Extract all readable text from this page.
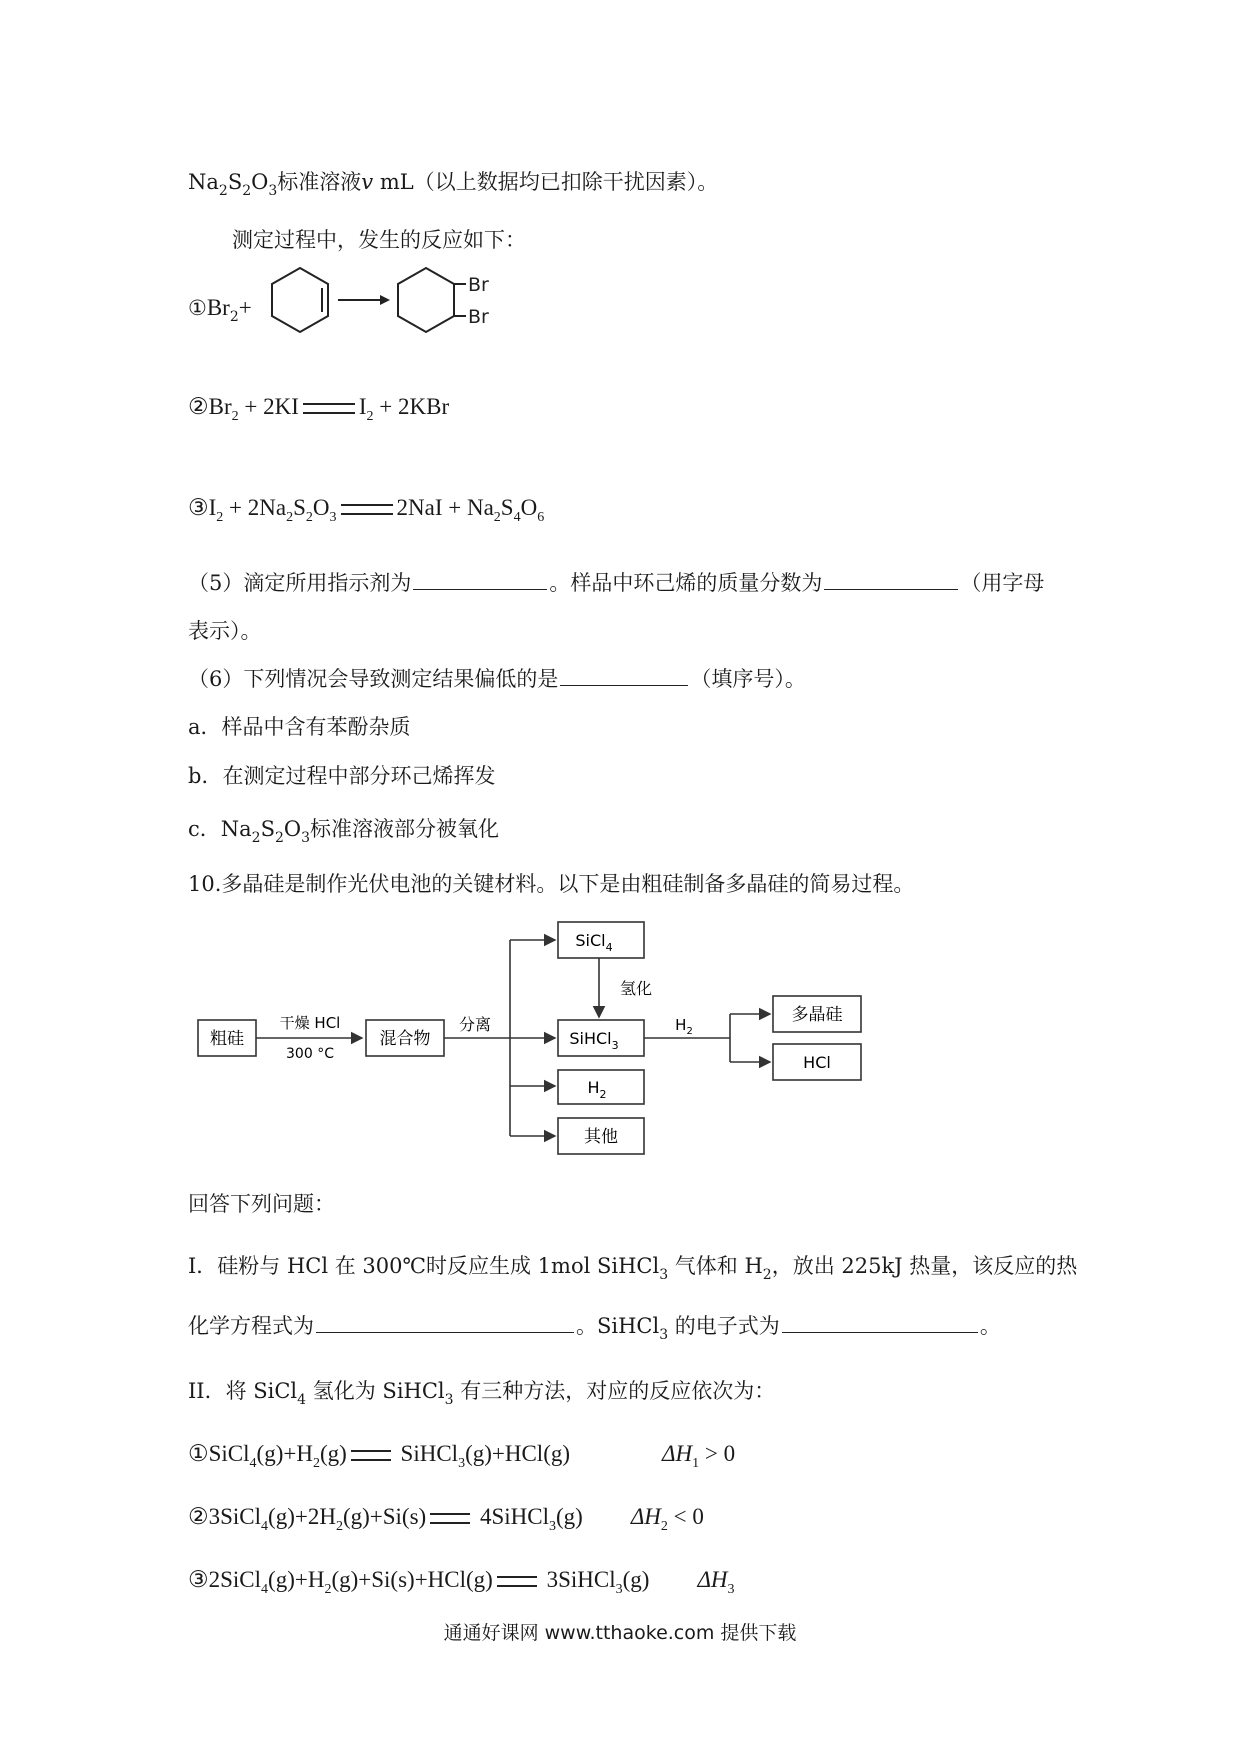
$Na_2S_2O_3$标准溶液v mL（以上数据均已扣除干扰因素）。
测定过程中，发生的反应如下：
$①Br_2+$
Br
Br
$②Br_2 + 2KI$	$I_2 + 2KBr$
$③I_2 + 2Na_2S_2O_3$	$2NaI + Na_2S_4O_6$
（5）滴定所用指示剂为	。样品中环己烯的质量分数为	（用字母
表示）。
（6）下列情况会导致测定结果偏低的是	（填序号）。
a．样品中含有苯酚杂质
b．在测定过程中部分环己烯挥发
c．$Na_2S_2O_3$标准溶液部分被氧化
10.多晶硅是制作光伏电池的关键材料。以下是由粗硅制备多晶硅的简易过程。
粗硅
干燥 HCl
300 °C
混合物
分离
SiCl$_4$
氢化
SiHCl$_3$
$H_2$
其他
$H_2$
多晶硅
HCl
回答下列问题：
I．硅粉与 HCl 在 300℃时反应生成 1mol SiHCl$_3$ 气体和 $H_2$，放出 225kJ 热量，该反应的热
化学方程式为	。SiHCl$_3$ 的电子式为	。
II．将 SiCl$_4$ 氢化为 SiHCl$_3$ 有三种方法，对应的反应依次为：
$①SiCl_4(g)+H_2(g)$ SiHCl$_3$(g)+HCl(g)	$\Delta H_1 > 0$
$②3SiCl_4(g)+2H_2(g)+Si(s)$ 4SiHCl$_3$(g) $\Delta H_2 < 0$
$③2SiCl_4(g)+H_2(g)+Si(s)+HCl(g)$ 3SiHCl$_3$(g) $\Delta H_3$
通通好课网 www.tthaoke.com 提供下载
